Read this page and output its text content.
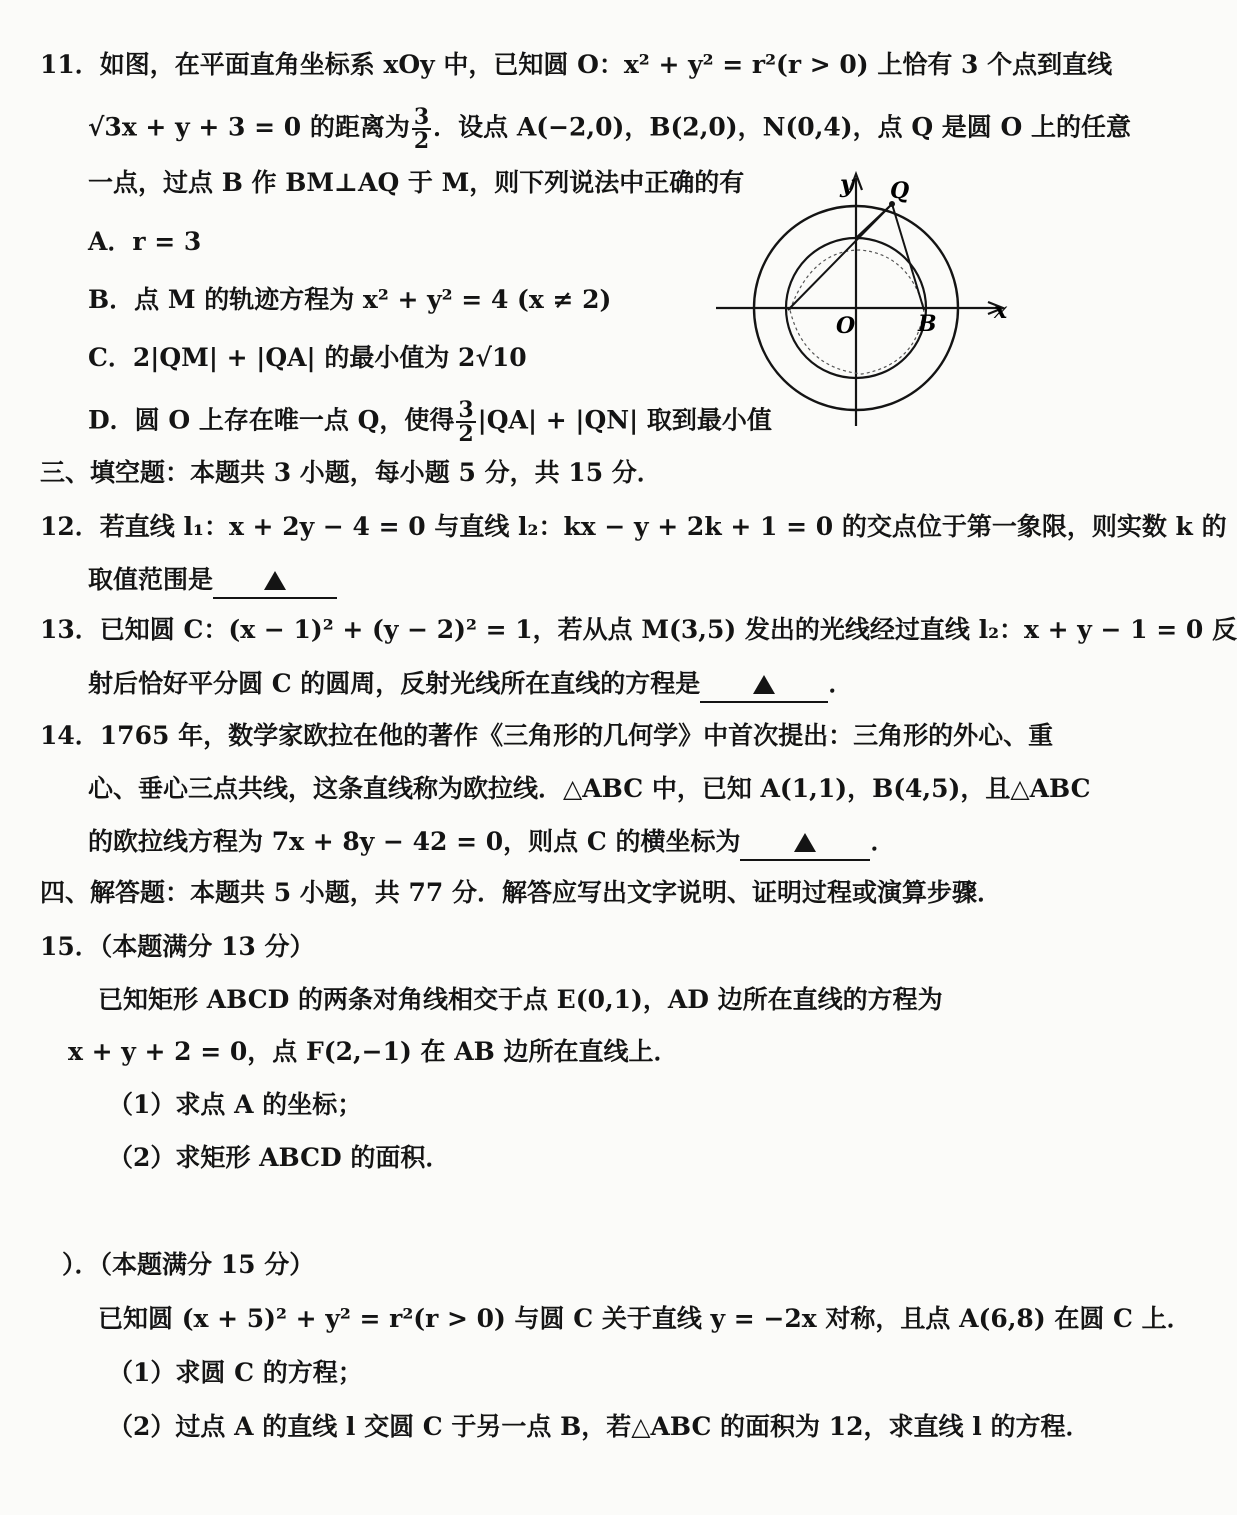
11．如图，在平面直角坐标系 xOy 中，已知圆 O：x² + y² = r²(r > 0) 上恰有 3 个点到直线
√3x + y + 3 = 0 的距离为 $\frac{3}{2}$ ．设点 A(−2,0)，B(2,0)，N(0,4)，点 Q 是圆 O 上的任意
一点，过点 B 作 BM⊥AQ 于 M，则下列说法中正确的有
A．r = 3
B．点 M 的轨迹方程为 x² + y² = 4 (x ≠ 2)
C．2|QM| + |QA| 的最小值为 2√10
D．圆 O 上存在唯一点 Q，使得 $\frac{3}{2} |QA| + |QN|$ 取到最小值
y
x
Q
O	B
三、填空题：本题共 3 小题，每小题 5 分，共 15 分．
12．若直线 l₁：x + 2y − 4 = 0 与直线 l₂：kx − y + 2k + 1 = 0 的交点位于第一象限，则实数 k 的
取值范围是
13．已知圆 C：(x − 1)² + (y − 2)² = 1，若从点 M(3,5) 发出的光线经过直线 l₂：x + y − 1 = 0 反
射后恰好平分圆 C 的圆周，反射光线所在直线的方程是	．
14．1765 年，数学家欧拉在他的著作《三角形的几何学》中首次提出：三角形的外心、重
心、垂心三点共线，这条直线称为欧拉线．△ABC 中，已知 A(1,1)，B(4,5)，且△ABC
的欧拉线方程为 7x + 8y − 42 = 0，则点 C 的横坐标为	．
四、解答题：本题共 5 小题，共 77 分．解答应写出文字说明、证明过程或演算步骤．
15．（本题满分 13 分）
已知矩形 ABCD 的两条对角线相交于点 E(0,1)，AD 边所在直线的方程为
x + y + 2 = 0，点 F(2,−1) 在 AB 边所在直线上．
（1）求点 A 的坐标；
（2）求矩形 ABCD 的面积．
）．（本题满分 15 分）
已知圆 (x + 5)² + y² = r²(r > 0) 与圆 C 关于直线 y = −2x 对称，且点 A(6,8) 在圆 C 上．
（1）求圆 C 的方程；
（2）过点 A 的直线 l 交圆 C 于另一点 B，若△ABC 的面积为 12，求直线 l 的方程．
